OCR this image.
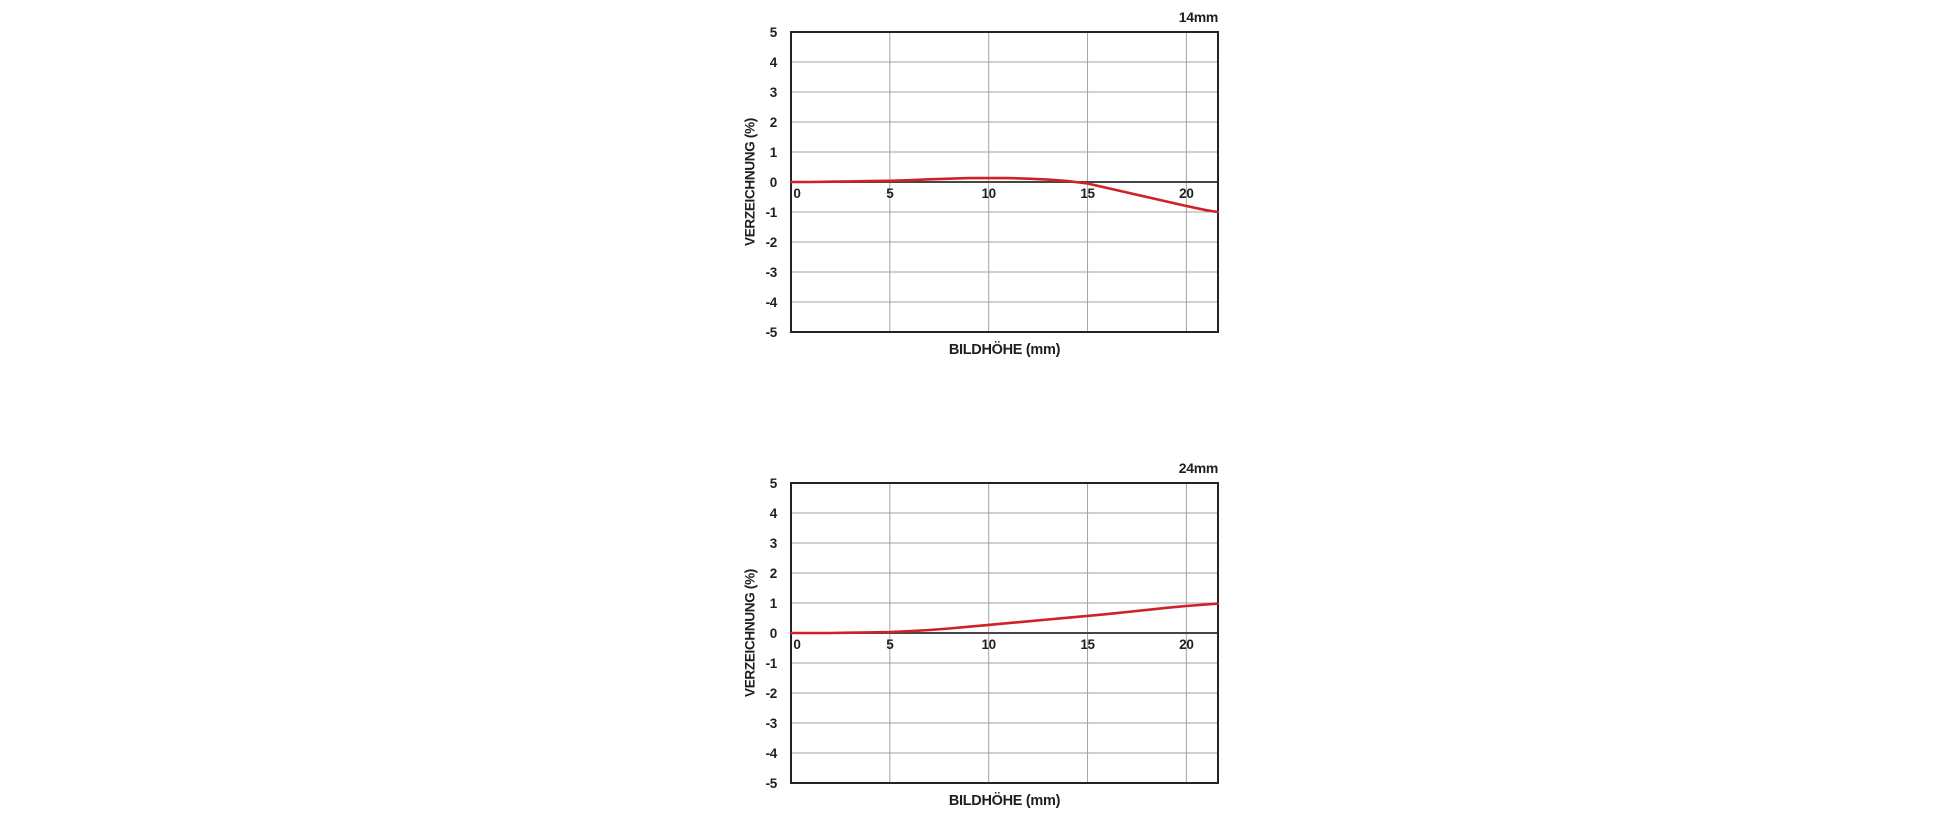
14mm
VERZEICHNUNG (%)
5
4
3
2
1
0
-1
-2
-3
-4
-5
0	5	10	15	20
BILDHÖHE (mm)
24mm
VERZEICHNUNG (%)
5
4
3
2
1
0
-1
-2
-3
-4
-5
0	5	10	15	20
BILDHÖHE (mm)
